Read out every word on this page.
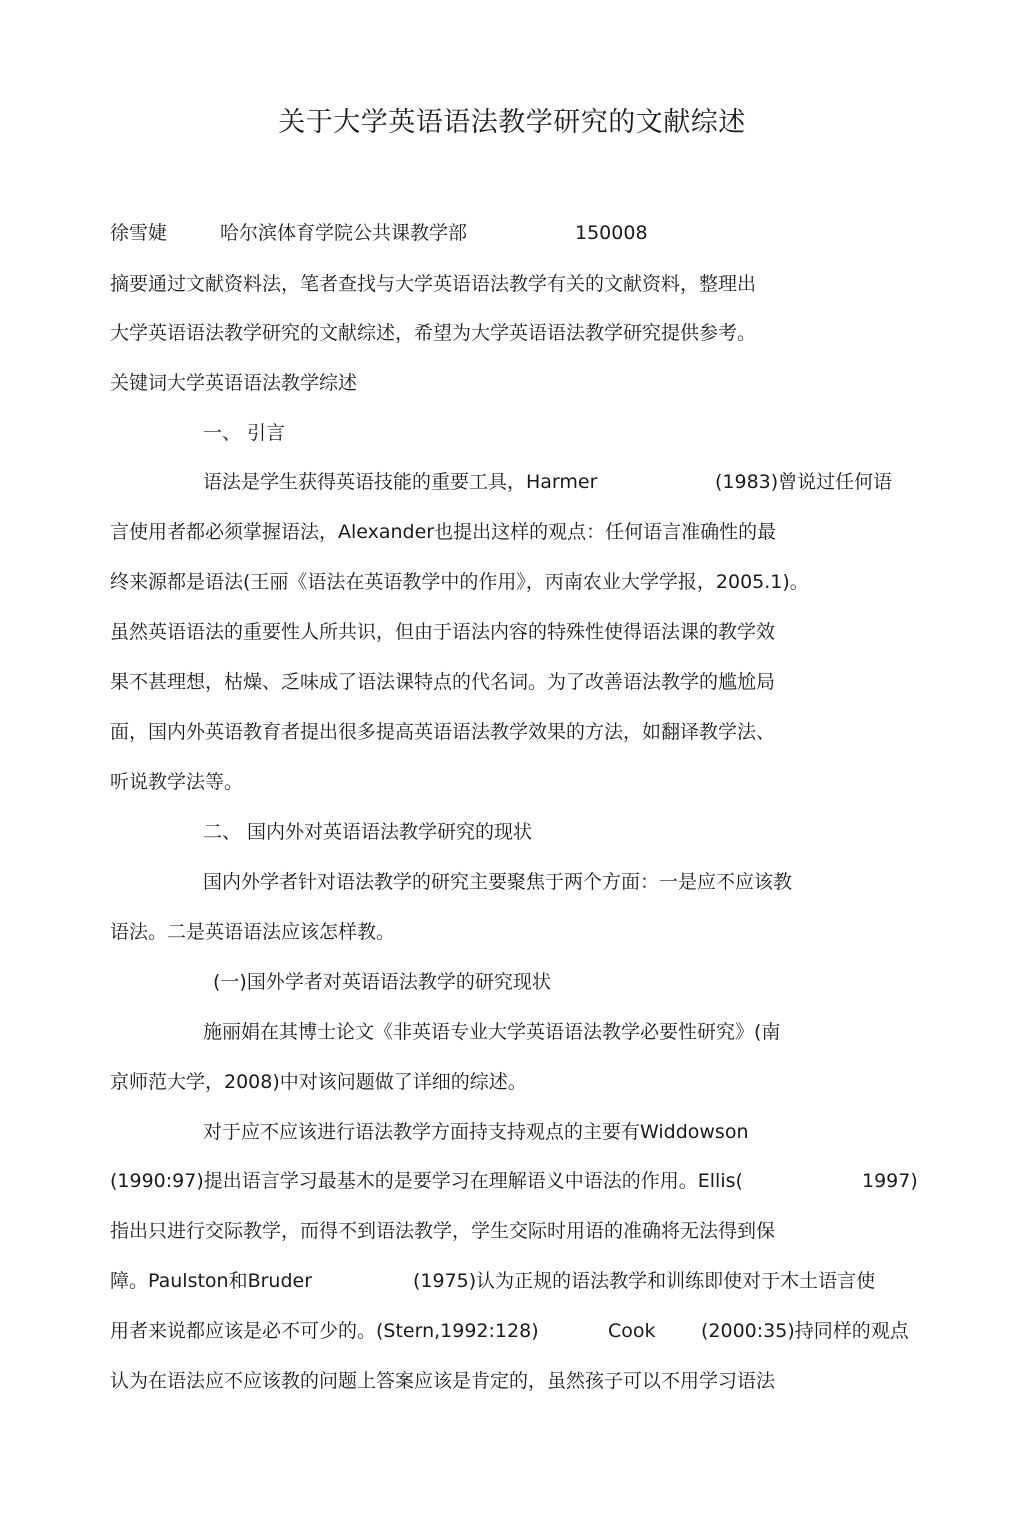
关于大学英语语法教学研究的文献综述
徐雪婕	哈尔滨体育学院公共课教学部	150008
摘要通过文献资料法，笔者查找与大学英语语法教学有关的文献资料，整理出
大学英语语法教学研究的文献综述，希望为大学英语语法教学研究提供参考。
关键词大学英语语法教学综述
一、 引言
语法是学生获得英语技能的重要工具，Harmer	(1983)曾说过任何语
言使用者都必须掌握语法，Alexander也提出这样的观点：任何语言准确性的最
终来源都是语法(王丽《语法在英语教学中的作用》，丙南农业大学学报，2005.1)。
虽然英语语法的重要性人所共识，但由于语法内容的特殊性使得语法课的教学效
果不甚理想，枯燥、乏味成了语法课特点的代名词。为了改善语法教学的尴尬局
面，国内外英语教育者提出很多提高英语语法教学效果的方法，如翻译教学法、
听说教学法等。
二、 国内外对英语语法教学研究的现状
国内外学者针对语法教学的研究主要聚焦于两个方面：一是应不应该教
语法。二是英语语法应该怎样教。
(一)国外学者对英语语法教学的研究现状
施丽娟在其博士论文《非英语专业大学英语语法教学必要性研究》(南
京师范大学，2008)中对该问题做了详细的综述。
对于应不应该进行语法教学方面持支持观点的主要有Widdowson
(1990:97)提出语言学习最基木的是要学习在理解语义中语法的作用。Ellis(	1997)
指出只进行交际教学，而得不到语法教学，学生交际时用语的准确将无法得到保
障。Paulston和Bruder	(1975)认为正规的语法教学和训练即使对于木土语言使
用者来说都应该是必不可少的。(Stern,1992:128)	Cook (2000:35)持同样的观点
认为在语法应不应该教的问题上答案应该是肯定的，虽然孩子可以不用学习语法
